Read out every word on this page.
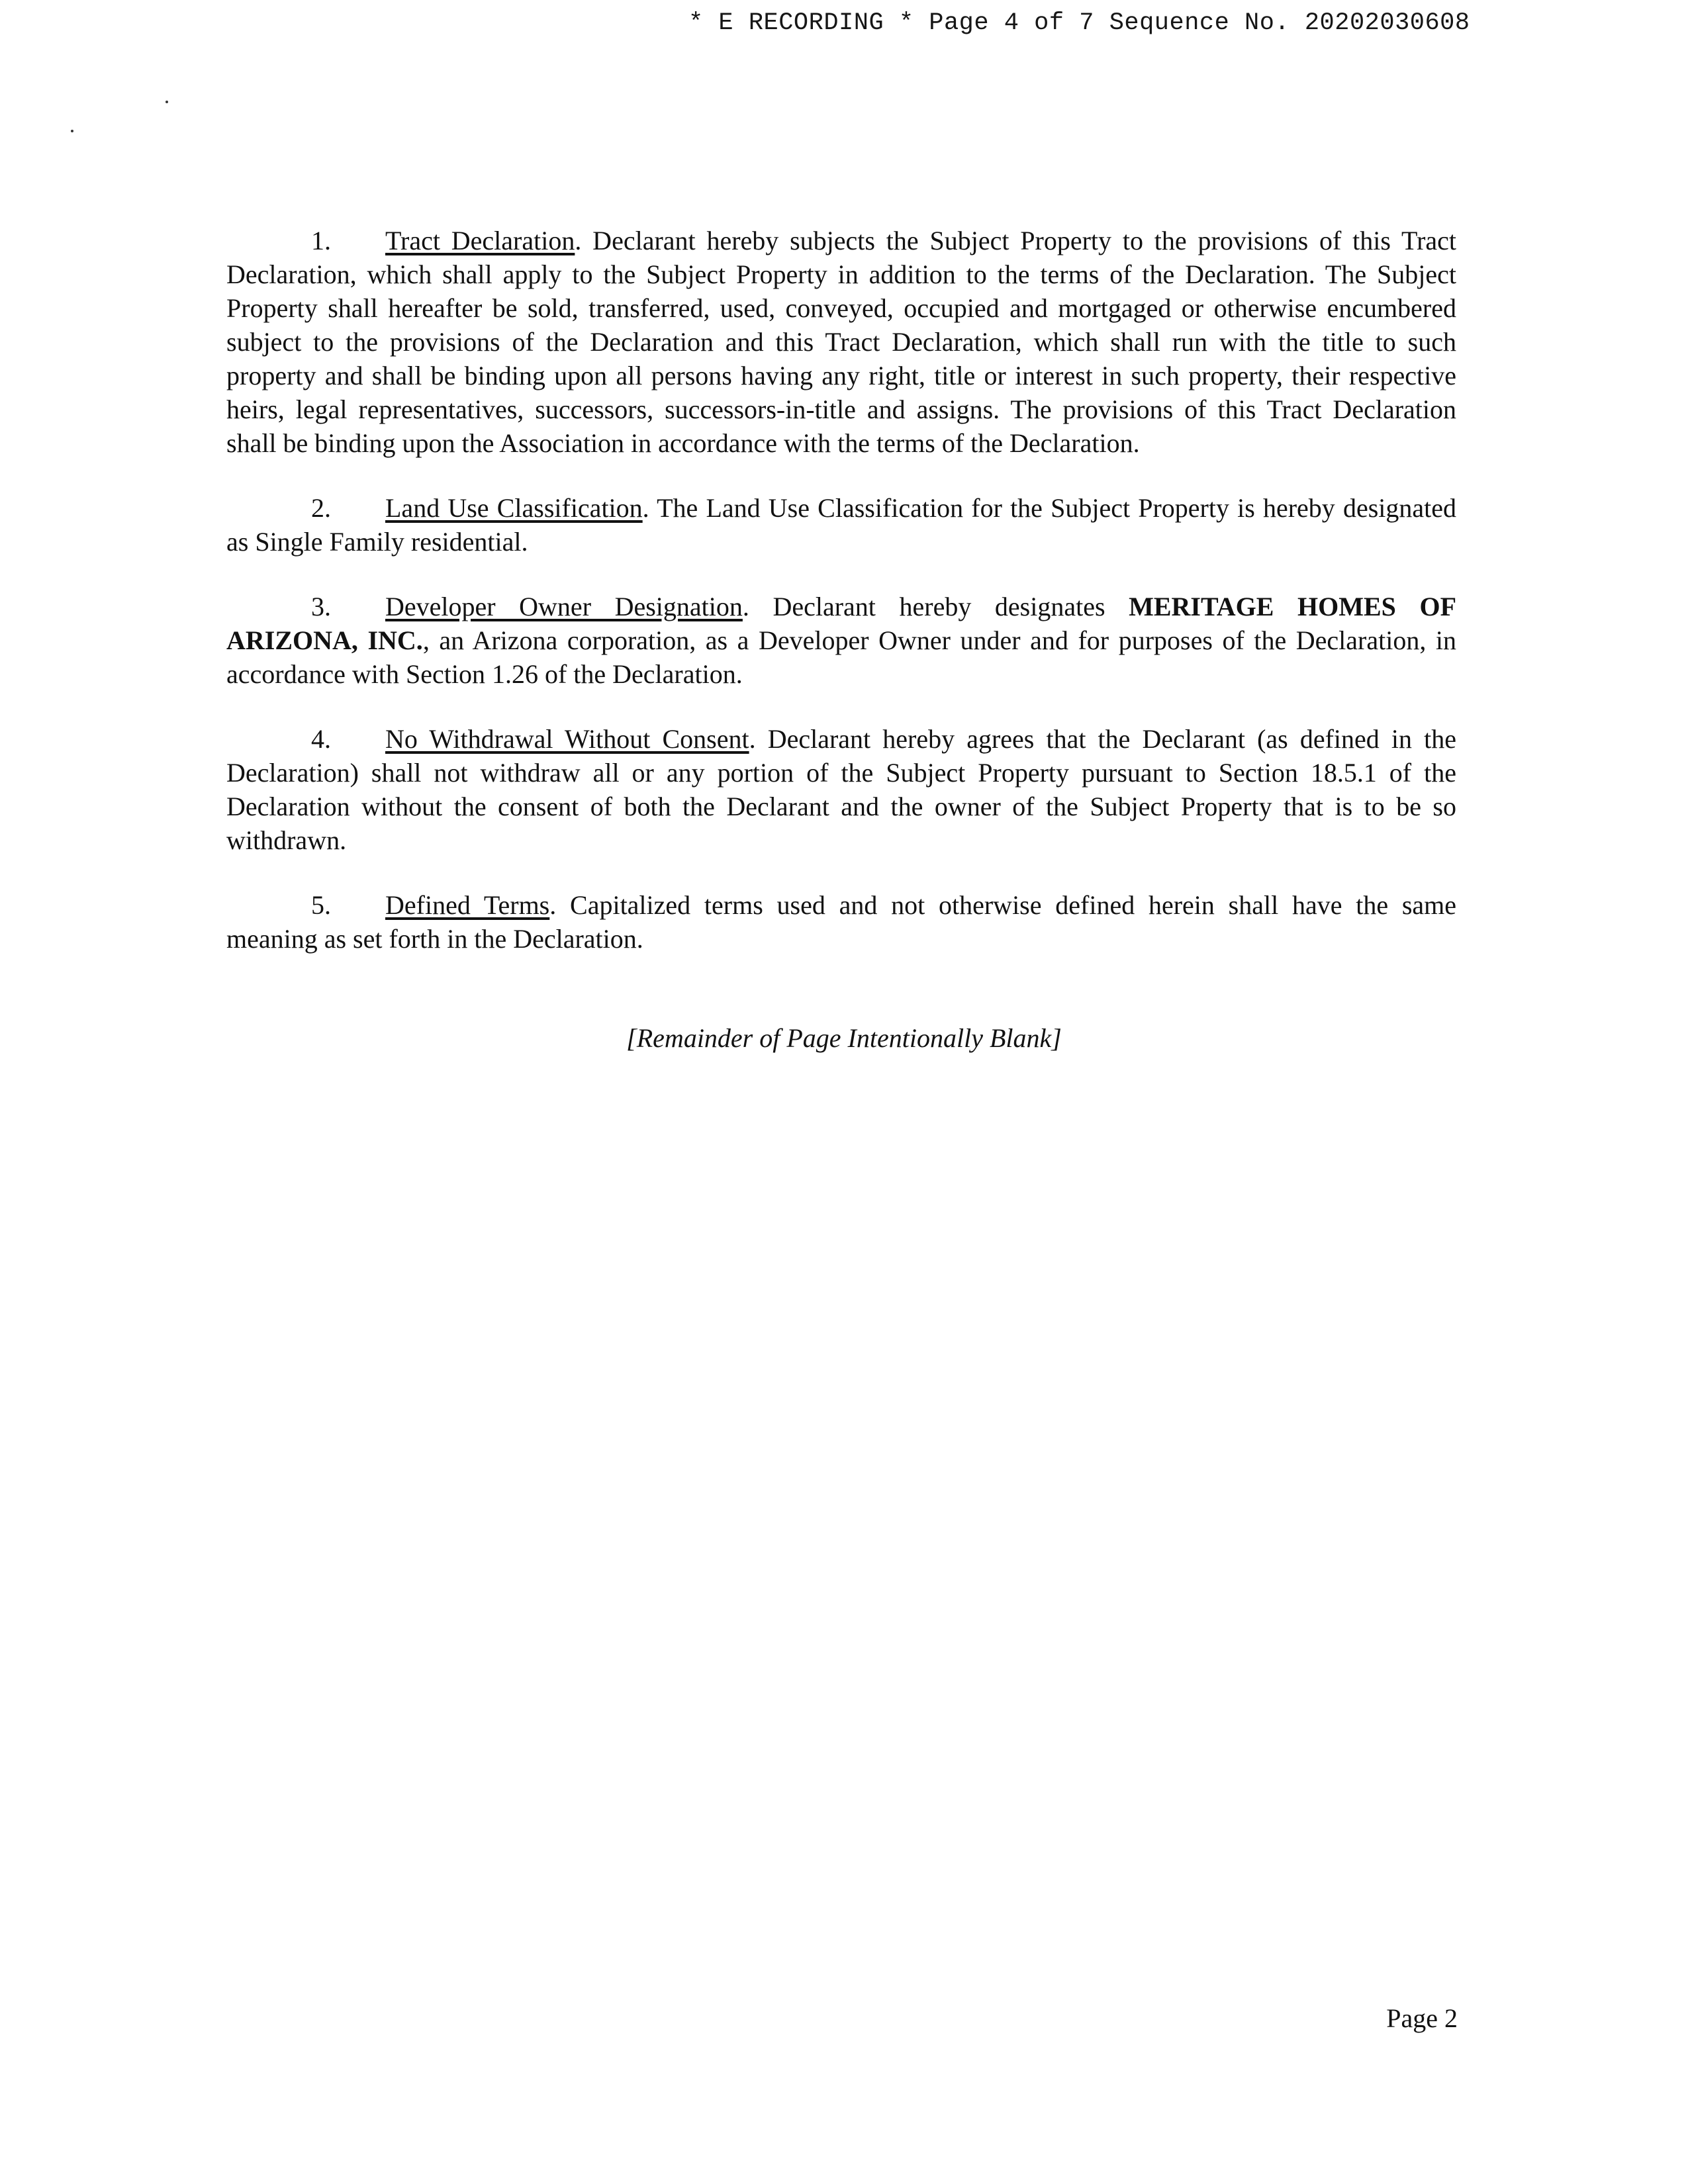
* E RECORDING * Page 4 of 7 Sequence No. 20202030608

1. Tract Declaration. Declarant hereby subjects the Subject Property to the provisions of this Tract Declaration, which shall apply to the Subject Property in addition to the terms of the Declaration. The Subject Property shall hereafter be sold, transferred, used, conveyed, occupied and mortgaged or otherwise encumbered subject to the provisions of the Declaration and this Tract Declaration, which shall run with the title to such property and shall be binding upon all persons having any right, title or interest in such property, their respective heirs, legal representatives, successors, successors-in-title and assigns. The provisions of this Tract Declaration shall be binding upon the Association in accordance with the terms of the Declaration.

2. Land Use Classification. The Land Use Classification for the Subject Property is hereby designated as Single Family residential.

3. Developer Owner Designation. Declarant hereby designates MERITAGE HOMES OF ARIZONA, INC., an Arizona corporation, as a Developer Owner under and for purposes of the Declaration, in accordance with Section 1.26 of the Declaration.

4. No Withdrawal Without Consent. Declarant hereby agrees that the Declarant (as defined in the Declaration) shall not withdraw all or any portion of the Subject Property pursuant to Section 18.5.1 of the Declaration without the consent of both the Declarant and the owner of the Subject Property that is to be so withdrawn.

5. Defined Terms. Capitalized terms used and not otherwise defined herein shall have the same meaning as set forth in the Declaration.

[Remainder of Page Intentionally Blank]
Page 2
